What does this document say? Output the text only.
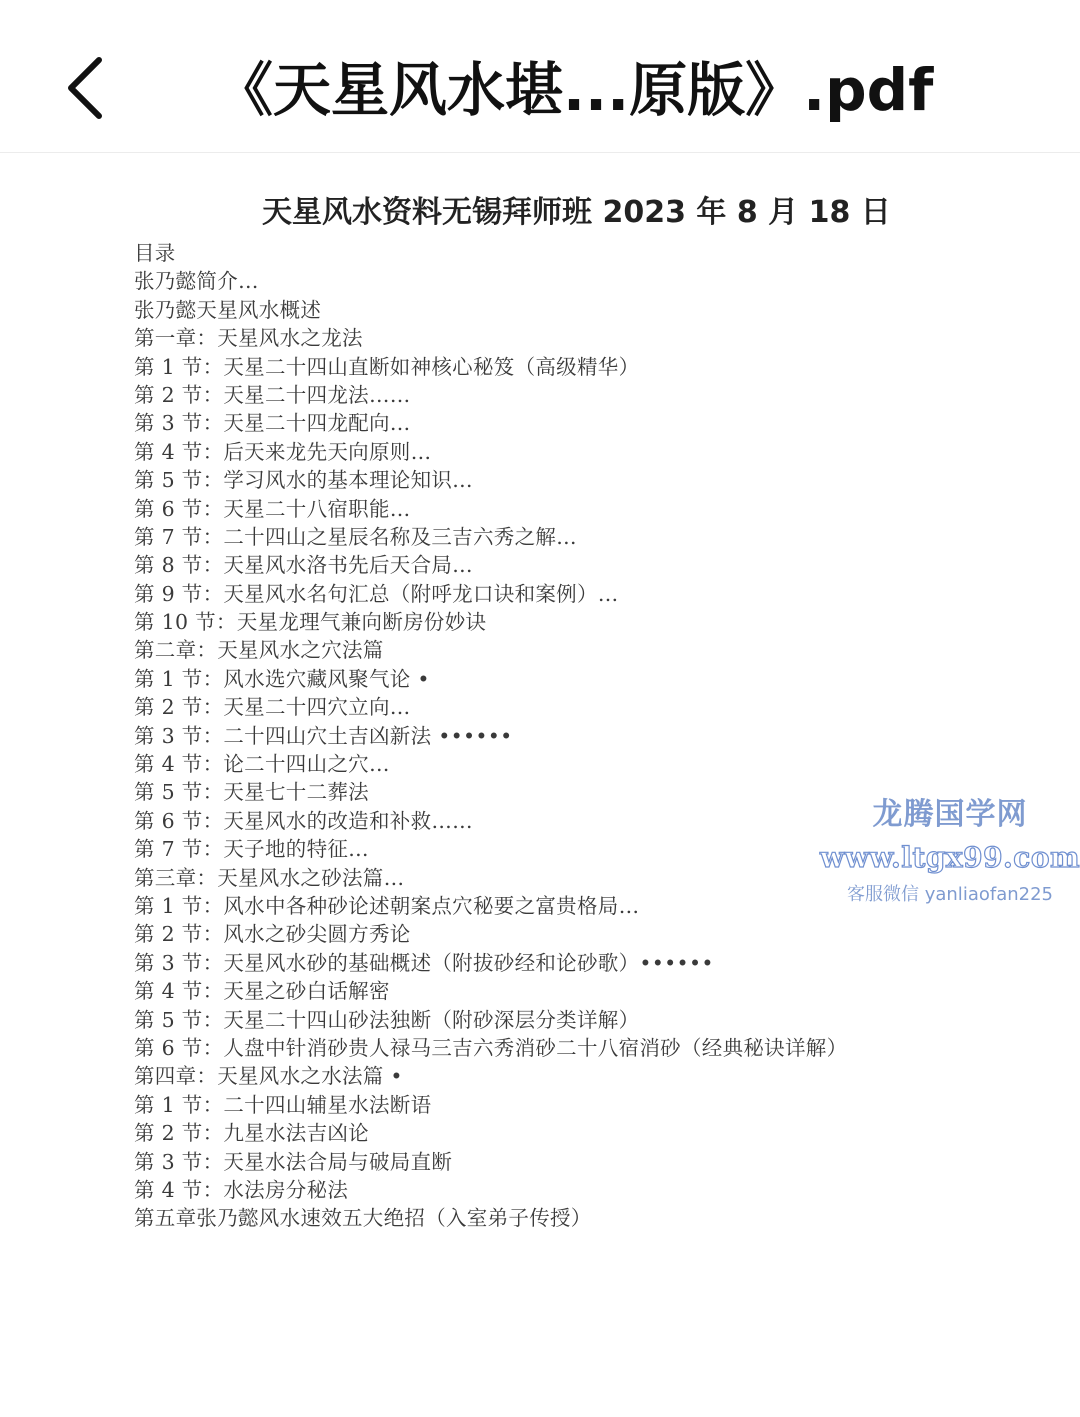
《天星风水堪...原版》.pdf
天星风水资料无锡拜师班 2023 年 8 月 18 日
目录
张乃懿简介…
张乃懿天星风水概述
第一章：天星风水之龙法
第 1 节：天星二十四山直断如神核心秘笈（高级精华）
第 2 节：天星二十四龙法……
第 3 节：天星二十四龙配向…
第 4 节：后天来龙先天向原则…
第 5 节：学习风水的基本理论知识…
第 6 节：天星二十八宿职能…
第 7 节：二十四山之星辰名称及三吉六秀之解…
第 8 节：天星风水洛书先后天合局…
第 9 节：天星风水名句汇总（附呼龙口诀和案例）…
第 10 节：天星龙理气兼向断房份妙诀
第二章：天星风水之穴法篇
第 1 节：风水选穴藏风聚气论 •
第 2 节：天星二十四穴立向…
第 3 节：二十四山穴土吉凶新法 ••••••
第 4 节：论二十四山之穴…
第 5 节：天星七十二葬法
第 6 节：天星风水的改造和补救……
第 7 节：天子地的特征…
第三章：天星风水之砂法篇…
第 1 节：风水中各种砂论述朝案点穴秘要之富贵格局…
第 2 节：风水之砂尖圆方秀论
第 3 节：天星风水砂的基础概述（附拔砂经和论砂歌）••••••
第 4 节：天星之砂白话解密
第 5 节：天星二十四山砂法独断（附砂深层分类详解）
第 6 节：人盘中针消砂贵人禄马三吉六秀消砂二十八宿消砂（经典秘诀详解）
第四章：天星风水之水法篇 •
第 1 节：二十四山辅星水法断语
第 2 节：九星水法吉凶论
第 3 节：天星水法合局与破局直断
第 4 节：水法房分秘法
第五章张乃懿风水速效五大绝招（入室弟子传授）
龙腾国学网
www.ltgx99.com
客服微信 yanliaofan225
